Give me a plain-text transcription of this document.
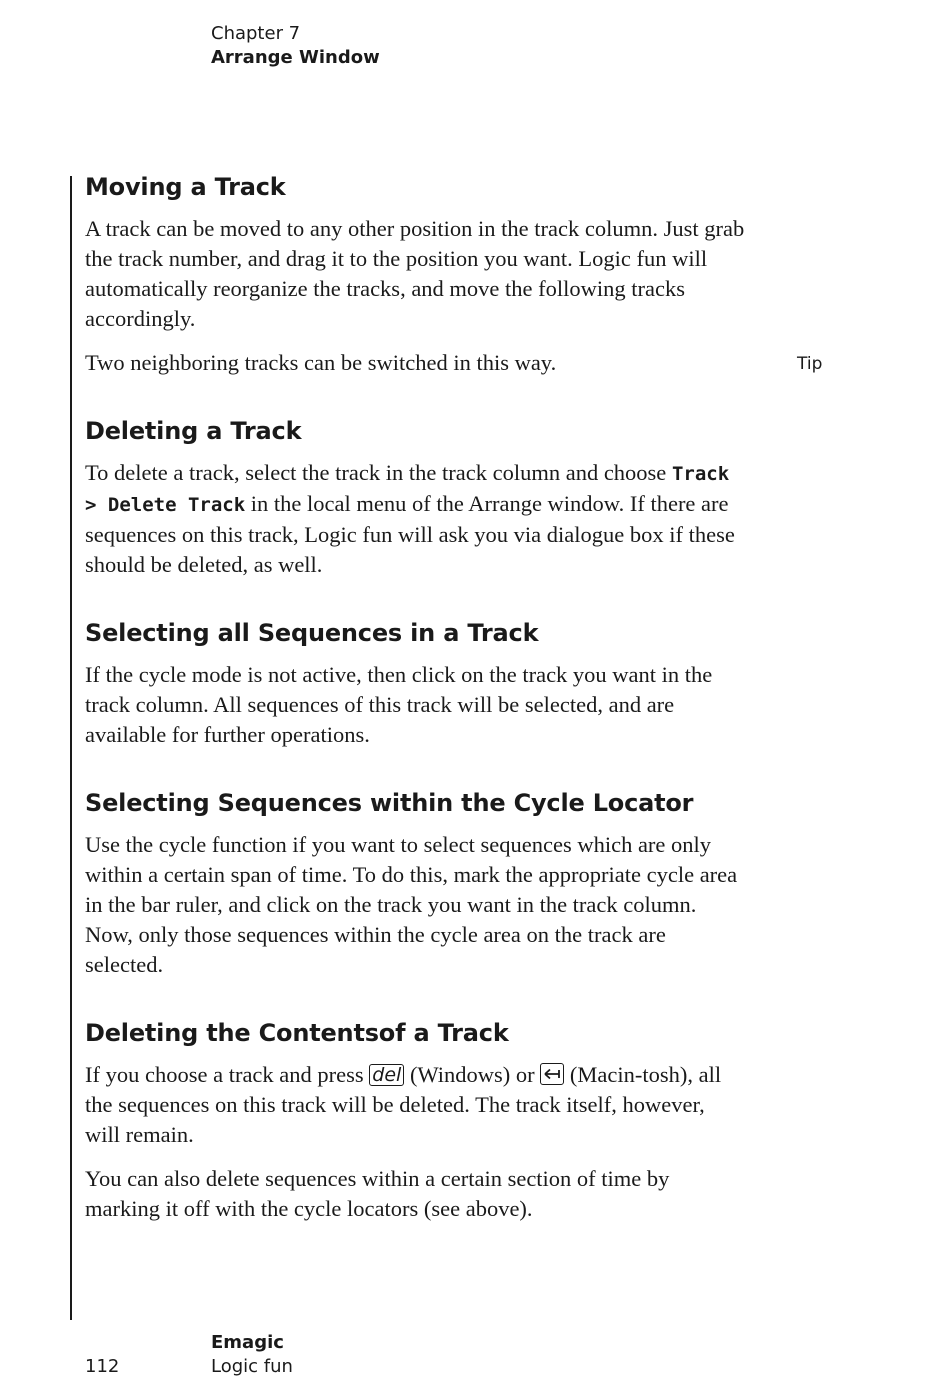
Chapter 7
Arrange Window
Tip
Moving a Track

A track can be moved to any other position in the track column. Just grab the track number, and drag it to the position you want. Logic fun will automatically reorganize the tracks, and move the following tracks accordingly.

Two neighboring tracks can be switched in this way.

Deleting a Track

To delete a track, select the track in the track column and choose Track > Delete Track in the local menu of the Arrange window. If there are sequences on this track, Logic fun will ask you via dialogue box if these should be deleted, as well.

Selecting all Sequences in a Track

If the cycle mode is not active, then click on the track you want in the track column. All sequences of this track will be selected, and are available for further operations.

Selecting Sequences within the Cycle Locator

Use the cycle function if you want to select sequences which are only within a certain span of time. To do this, mark the appropriate cycle area in the bar ruler, and click on the track you want in the track column. Now, only those sequences within the cycle area on the track are selected.

Deleting the Contentsof a Track

If you choose a track and press del (Windows) or
(Macin-tosh), all the sequences on this track will be deleted. The track itself, however, will remain.

You can also delete sequences within a certain section of time by marking it off with the cycle locators (see above).

Emagic
Logic fun
112
